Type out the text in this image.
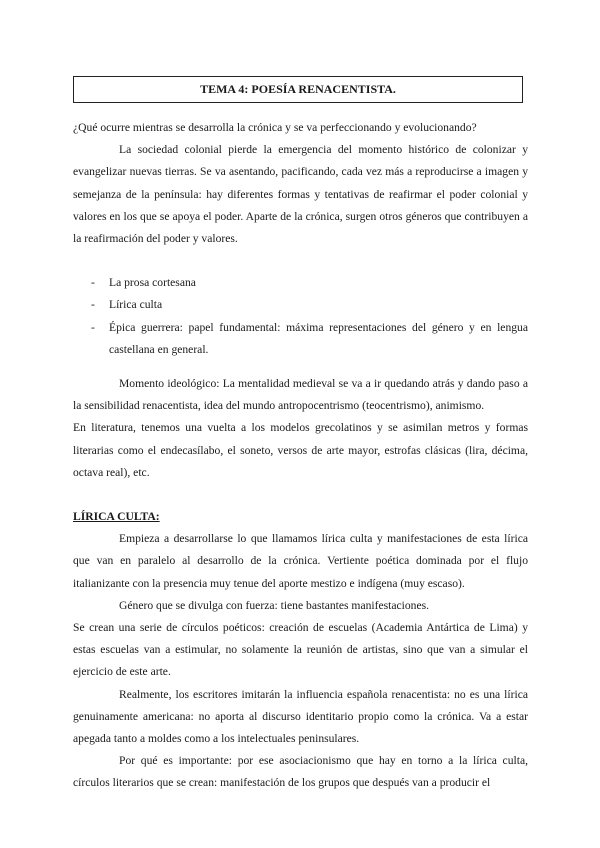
TEMA 4: POESÍA RENACENTISTA.

¿Qué ocurre mientras se desarrolla la crónica y se va perfeccionando y evolucionando?

La sociedad colonial pierde la emergencia del momento histórico de colonizar y evangelizar nuevas tierras. Se va asentando, pacificando, cada vez más a reproducirse a imagen y semejanza de la península: hay diferentes formas y tentativas de reafirmar el poder colonial y valores en los que se apoya el poder. Aparte de la crónica, surgen otros géneros que contribuyen a la reafirmación del poder y valores.

- La prosa cortesana
- Lírica culta
- Épica guerrera: papel fundamental: máxima representaciones del género y en lengua castellana en general.

Momento ideológico: La mentalidad medieval se va a ir quedando atrás y dando paso a la sensibilidad renacentista, idea del mundo antropocentrismo (teocentrismo), animismo.

En literatura, tenemos una vuelta a los modelos grecolatinos y se asimilan metros y formas literarias como el endecasílabo, el soneto, versos de arte mayor, estrofas clásicas (lira, décima, octava real), etc.

LÍRICA CULTA:

Empieza a desarrollarse lo que llamamos lírica culta y manifestaciones de esta lírica que van en paralelo al desarrollo de la crónica. Vertiente poética dominada por el flujo italianizante con la presencia muy tenue del aporte mestizo e indígena (muy escaso).

Género que se divulga con fuerza: tiene bastantes manifestaciones.

Se crean una serie de círculos poéticos: creación de escuelas (Academia Antártica de Lima) y estas escuelas van a estimular, no solamente la reunión de artistas, sino que van a simular el ejercicio de este arte.

Realmente, los escritores imitarán la influencia española renacentista: no es una lírica genuinamente americana: no aporta al discurso identitario propio como la crónica. Va a estar apegada tanto a moldes como a los intelectuales peninsulares.

Por qué es importante: por ese asociacionismo que hay en torno a la lírica culta, círculos literarios que se crean: manifestación de los grupos que después van a producir el
